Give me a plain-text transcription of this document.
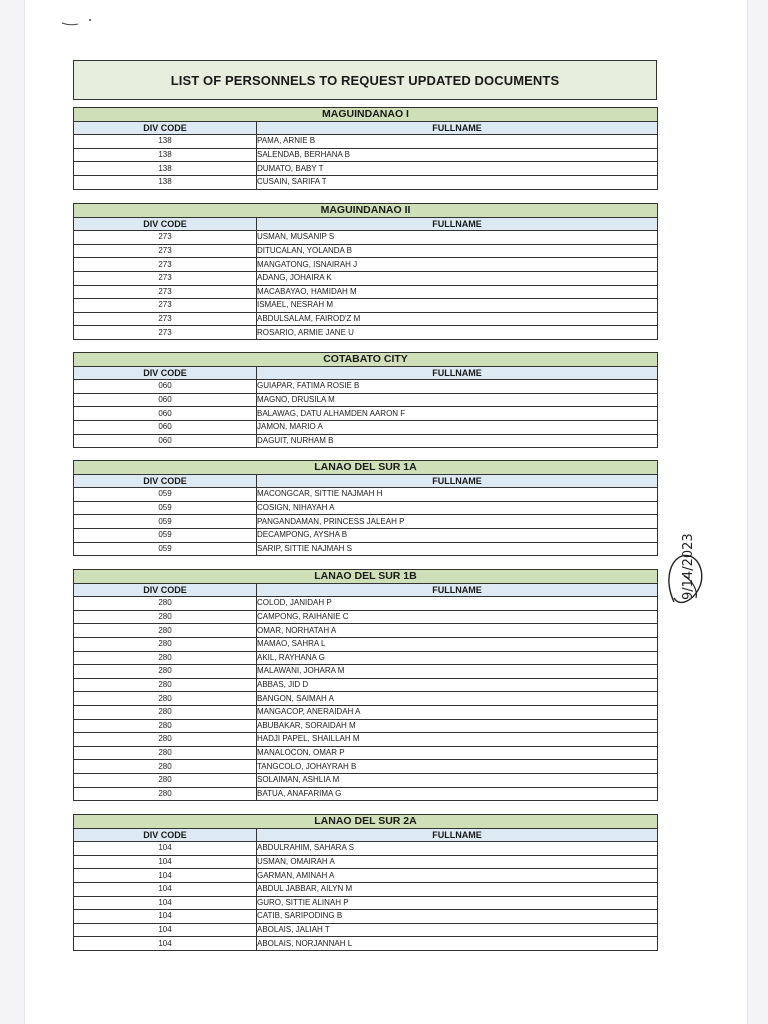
LIST OF PERSONNELS TO REQUEST UPDATED DOCUMENTS
MAGUINDANAO I	
DIV CODE	FULLNAME
138	PAMA, ARNIE B
138	SALENDAB, BERHANA B
138	DUMATO, BABY T
138	CUSAIN, SARIFA T
MAGUINDANAO II	
DIV CODE	FULLNAME
273	USMAN, MUSANIP S
273	DITUCALAN, YOLANDA B
273	MANGATONG, ISNAIRAH J
273	ADANG, JOHAIRA K
273	MACABAYAO, HAMIDAH M
273	ISMAEL, NESRAH M
273	ABDULSALAM, FAIROD'Z M
273	ROSARIO, ARMIE JANE U
COTABATO CITY	
DIV CODE	FULLNAME
060	GUIAPAR, FATIMA ROSIE B
060	MAGNO, DRUSILA M
060	BALAWAG, DATU ALHAMDEN AARON F
060	JAMON, MARIO A
060	DAGUIT, NURHAM B
LANAO DEL SUR 1A	
DIV CODE	FULLNAME
059	MACONGCAR, SITTIE NAJMAH H
059	COSIGN, NIHAYAH A
059	PANGANDAMAN, PRINCESS JALEAH P
059	DECAMPONG, AYSHA B
059	SARIP, SITTIE NAJMAH S
LANAO DEL SUR 1B	
DIV CODE	FULLNAME
280	COLOD, JANIDAH P
280	CAMPONG, RAIHANIE C
280	OMAR, NORHATAH A
280	MAMAO, SAHRA L
280	AKIL, RAYHANA G
280	MALAWANI, JOHARA M
280	ABBAS, JID D
280	BANGON, SAIMAH A
280	MANGACOP, ANERAIDAH A
280	ABUBAKAR, SORAIDAH M
280	HADJI PAPEL, SHAILLAH M
280	MANALOCON, OMAR P
280	TANGCOLO, JOHAYRAH B
280	SOLAIMAN, ASHLIA M
280	BATUA, ANAFARIMA G
LANAO DEL SUR 2A	
DIV CODE	FULLNAME
104	ABDULRAHIM, SAHARA S
104	USMAN, OMAIRAH A
104	GARMAN, AMINAH A
104	ABDUL JABBAR, AILYN M
104	GURO, SITTIE ALINAH P
104	CATIB, SARIPODING B
104	ABOLAIS, JALIAH T
104	ABOLAIS, NORJANNAH L
9/14/2023
